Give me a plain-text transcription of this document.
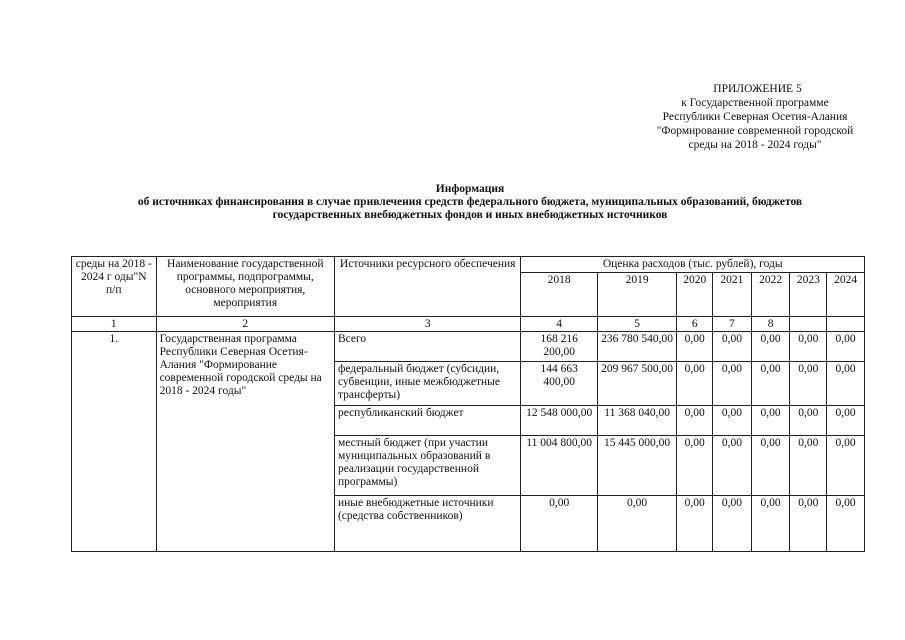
ПРИЛОЖЕНИЕ 5
к Государственной программе
Республики Северная Осетия-Алания
"Формирование современной городской
среды на 2018 - 2024 годы"
Информация
об источниках финансирования в случае привлечения средств федерального бюджета, муниципальных образований, бюджетов
государственных внебюджетных фондов и иных внебюджетных источников
среды на 2018 - 2024 г оды"N п/п	Наименование государственной программы, подпрограммы, основного мероприятия, мероприятия	Источники ресурсного обеспечения	Оценка расходов (тыс. рублей), годы						
			2018	2019	2020	2021	2022	2023	2024
1	2	3	4	5	6	7	8		
1.	Государственная программа Республики Северная Осетия-Алания "Формирование современной городской среды на 2018 - 2024 годы"	Всего	168 216 200,00	236 780 540,00	0,00	0,00	0,00	0,00	0,00
		федеральный бюджет (субсидии, субвенции, иные межбюджетные трансферты)	144 663 400,00	209 967 500,00	0,00	0,00	0,00	0,00	0,00
		республиканский бюджет	12 548 000,00	11 368 040,00	0,00	0,00	0,00	0,00	0,00
		местный бюджет (при участии муниципальных образований в реализации государственной программы)	11 004 800,00	15 445 000,00	0,00	0,00	0,00	0,00	0,00
		иные внебюджетные источники (средства собственников)	0,00	0,00	0,00	0,00	0,00	0,00	0,00
